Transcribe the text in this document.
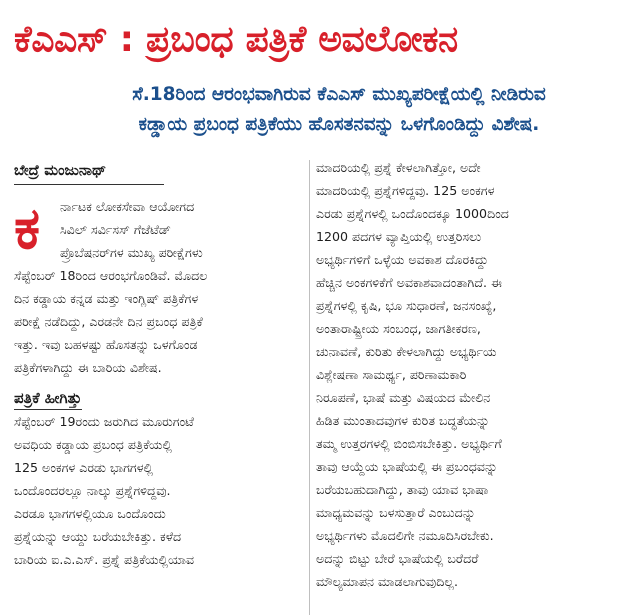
ಕೆಎಎಸ್ : ಪ್ರಬಂಧ ಪತ್ರಿಕೆ ಅವಲೋಕನ
ಸೆ.18ರಿಂದ ಆರಂಭವಾಗಿರುವ ಕೆಎಎಸ್ ಮುಖ್ಯಪರೀಕ್ಷೆಯಲ್ಲಿ ನೀಡಿರುವ
ಕಡ್ಡಾಯ ಪ್ರಬಂಧ ಪತ್ರಿಕೆಯು ಹೊಸತನವನ್ನು ಒಳಗೊಂಡಿದ್ದು ವಿಶೇಷ.
ಬೇದ್ರೆ ಮಂಜುನಾಥ್
ಕ ರ್ನಾಟಕ ಲೋಕಸೇವಾ ಆಯೋಗದ
ಸಿವಿಲ್ ಸರ್ವಿಸಸ್ ಗೆಜೆಟೆಡ್
ಪ್ರೊಬೆಷನರ್‌ಗಳ ಮುಖ್ಯ ಪರೀಕ್ಷೆಗಳು
ಸೆಪ್ಟೆಂಬರ್ 18ರಿಂದ ಆರಂಭಗೊಂಡಿವೆ. ಮೊದಲ
ದಿನ ಕಡ್ಡಾಯ ಕನ್ನಡ ಮತ್ತು ಇಂಗ್ಲಿಷ್ ಪತ್ರಿಕೆಗಳ
ಪರೀಕ್ಷೆ ನಡೆದಿದ್ದು, ಎರಡನೇ ದಿನ ಪ್ರಬಂಧ ಪತ್ರಿಕೆ
ಇತ್ತು. ಇವು ಬಹಳಷ್ಟು ಹೊಸತನ್ನು ಒಳಗೊಂಡ
ಪತ್ರಿಕೆಗಳಾಗಿದ್ದು ಈ ಬಾರಿಯ ವಿಶೇಷ.
ಪತ್ರಿಕೆ ಹೀಗಿತ್ತು
ಸೆಪ್ಟೆಂಬರ್ 19ರಂದು ಜರುಗಿದ ಮೂರುಗಂಟೆ
ಅವಧಿಯ ಕಡ್ಡಾಯ ಪ್ರಬಂಧ ಪತ್ರಿಕೆಯಲ್ಲಿ
125 ಅಂಕಗಳ ಎರಡು ಭಾಗಗಳಲ್ಲಿ
ಒಂದೊಂದರಲ್ಲೂ ನಾಲ್ಕು ಪ್ರಶ್ನೆಗಳಿದ್ದವು.
ಎರಡೂ ಭಾಗಗಳಲ್ಲಿಯೂ ಒಂದೊಂದು
ಪ್ರಶ್ನೆಯನ್ನು ಆಯ್ದು ಬರೆಯಬೇಕಿತ್ತು. ಕಳೆದ
ಬಾರಿಯ ಐ.ಎ.ಎಸ್. ಪ್ರಶ್ನೆ ಪತ್ರಿಕೆಯಲ್ಲಿಯಾವ
ಮಾದರಿಯಲ್ಲಿ ಪ್ರಶ್ನೆ ಕೇಳಲಾಗಿತ್ತೋ, ಅದೇ
ಮಾದರಿಯಲ್ಲಿ ಪ್ರಶ್ನೆಗಳಿದ್ದವು. 125 ಅಂಕಗಳ
ಎರಡು ಪ್ರಶ್ನೆಗಳಲ್ಲಿ ಒಂದೊಂದಕ್ಕೂ 1000ದಿಂದ
1200 ಪದಗಳ ವ್ಯಾಪ್ತಿಯಲ್ಲಿ ಉತ್ತರಿಸಲು
ಅಭ್ಯರ್ಥಿಗಳಿಗೆ ಒಳ್ಳೆಯ ಅವಕಾಶ ದೊರಕಿದ್ದು
ಹೆಚ್ಚಿನ ಅಂಕಗಳಿಕೆಗೆ ಅವಕಾಶವಾದಂತಾಗಿದೆ. ಈ
ಪ್ರಶ್ನೆಗಳಲ್ಲಿ ಕೃಷಿ, ಭೂ ಸುಧಾರಣೆ, ಜನಸಂಖ್ಯೆ,
ಅಂತಾರಾಷ್ಟ್ರೀಯ ಸಂಬಂಧ, ಜಾಗತೀಕರಣ,
ಚುನಾವಣೆ, ಕುರಿತು ಕೇಳಲಾಗಿದ್ದು ಅಭ್ಯರ್ಥಿಯ
ವಿಶ್ಲೇಷಣಾ ಸಾಮರ್ಥ್ಯ, ಪರಿಣಾಮಕಾರಿ
ನಿರೂಪಣೆ, ಭಾಷೆ ಮತ್ತು ವಿಷಯದ ಮೇಲಿನ
ಹಿಡಿತ ಮುಂತಾದವುಗಳ ಕುರಿತ ಬದ್ಧತೆಯನ್ನು
ತಮ್ಮ ಉತ್ತರಗಳಲ್ಲಿ ಬಿಂಬಿಸಬೇಕಿತ್ತು. ಅಭ್ಯರ್ಥಿಗೆ
ತಾವು ಆಯ್ದೆಯ ಭಾಷೆಯಲ್ಲಿ ಈ ಪ್ರಬಂಧವನ್ನು
ಬರೆಯಬಹುದಾಗಿದ್ದು, ತಾವು ಯಾವ ಭಾಷಾ
ಮಾಧ್ಯಮವನ್ನು ಬಳಸುತ್ತಾರೆ ಎಂಬುದನ್ನು
ಅಭ್ಯರ್ಥಿಗಳು ಮೊದಲಿಗೇ ನಮೂದಿಸಿರಬೇಕು.
ಅದನ್ನು ಬಿಟ್ಟು ಬೇರೆ ಭಾಷೆಯಲ್ಲಿ ಬರೆದರೆ
ಮೌಲ್ಯಮಾಪನ ಮಾಡಲಾಗುವುದಿಲ್ಲ.
